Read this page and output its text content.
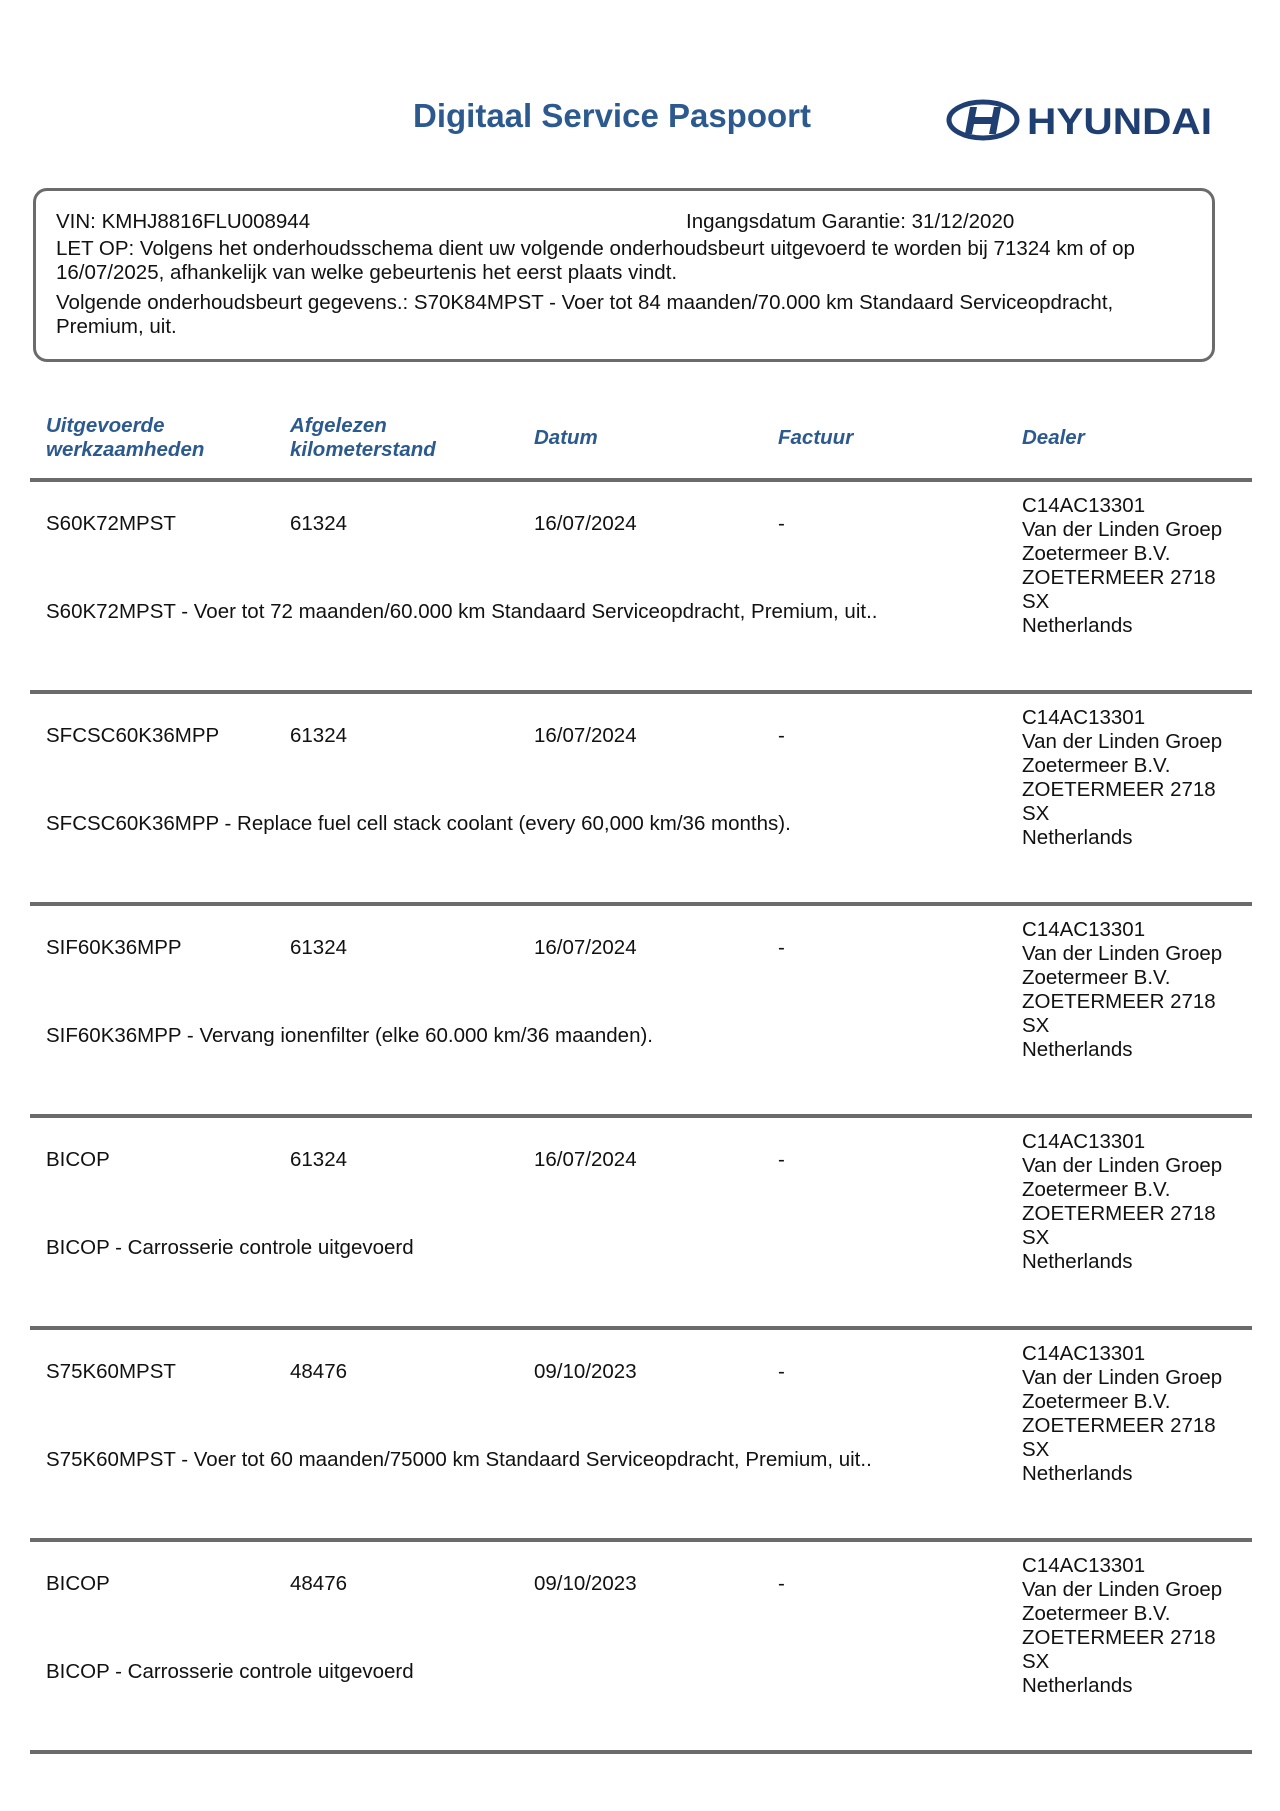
Digitaal Service Paspoort	HYUNDAI
VIN: KMHJ8816FLU008944	Ingangsdatum Garantie: 31/12/2020

LET OP: Volgens het onderhoudsschema dient uw volgende onderhoudsbeurt uitgevoerd te worden bij 71324 km of op 16/07/2025, afhankelijk van welke gebeurtenis het eerst plaats vindt.

Volgende onderhoudsbeurt gegevens.: S70K84MPST - Voer tot 84 maanden/70.000 km Standaard Serviceopdracht, Premium, uit.

Uitgevoerde
werkzaamheden
Afgelezen
kilometerstand
Datum	Factuur	Dealer
S60K72MPST	61324	16/07/2024	-
C14AC13301
Van der Linden Groep
Zoetermeer B.V.
ZOETERMEER 2718
SX
Netherlands
S60K72MPST - Voer tot 72 maanden/60.000 km Standaard Serviceopdracht, Premium, uit..
SFCSC60K36MPP	61324	16/07/2024	-
C14AC13301
Van der Linden Groep
Zoetermeer B.V.
ZOETERMEER 2718
SX
Netherlands
SFCSC60K36MPP - Replace fuel cell stack coolant (every 60,000 km/36 months).
SIF60K36MPP	61324	16/07/2024	-
C14AC13301
Van der Linden Groep
Zoetermeer B.V.
ZOETERMEER 2718
SX
Netherlands
SIF60K36MPP - Vervang ionenfilter (elke 60.000 km/36 maanden).
BICOP	61324	16/07/2024	-
C14AC13301
Van der Linden Groep
Zoetermeer B.V.
ZOETERMEER 2718
SX
Netherlands
BICOP - Carrosserie controle uitgevoerd
S75K60MPST	48476	09/10/2023	-
C14AC13301
Van der Linden Groep
Zoetermeer B.V.
ZOETERMEER 2718
SX
Netherlands
S75K60MPST - Voer tot 60 maanden/75000 km Standaard Serviceopdracht, Premium, uit..
BICOP	48476	09/10/2023	-
C14AC13301
Van der Linden Groep
Zoetermeer B.V.
ZOETERMEER 2718
SX
Netherlands
BICOP - Carrosserie controle uitgevoerd
